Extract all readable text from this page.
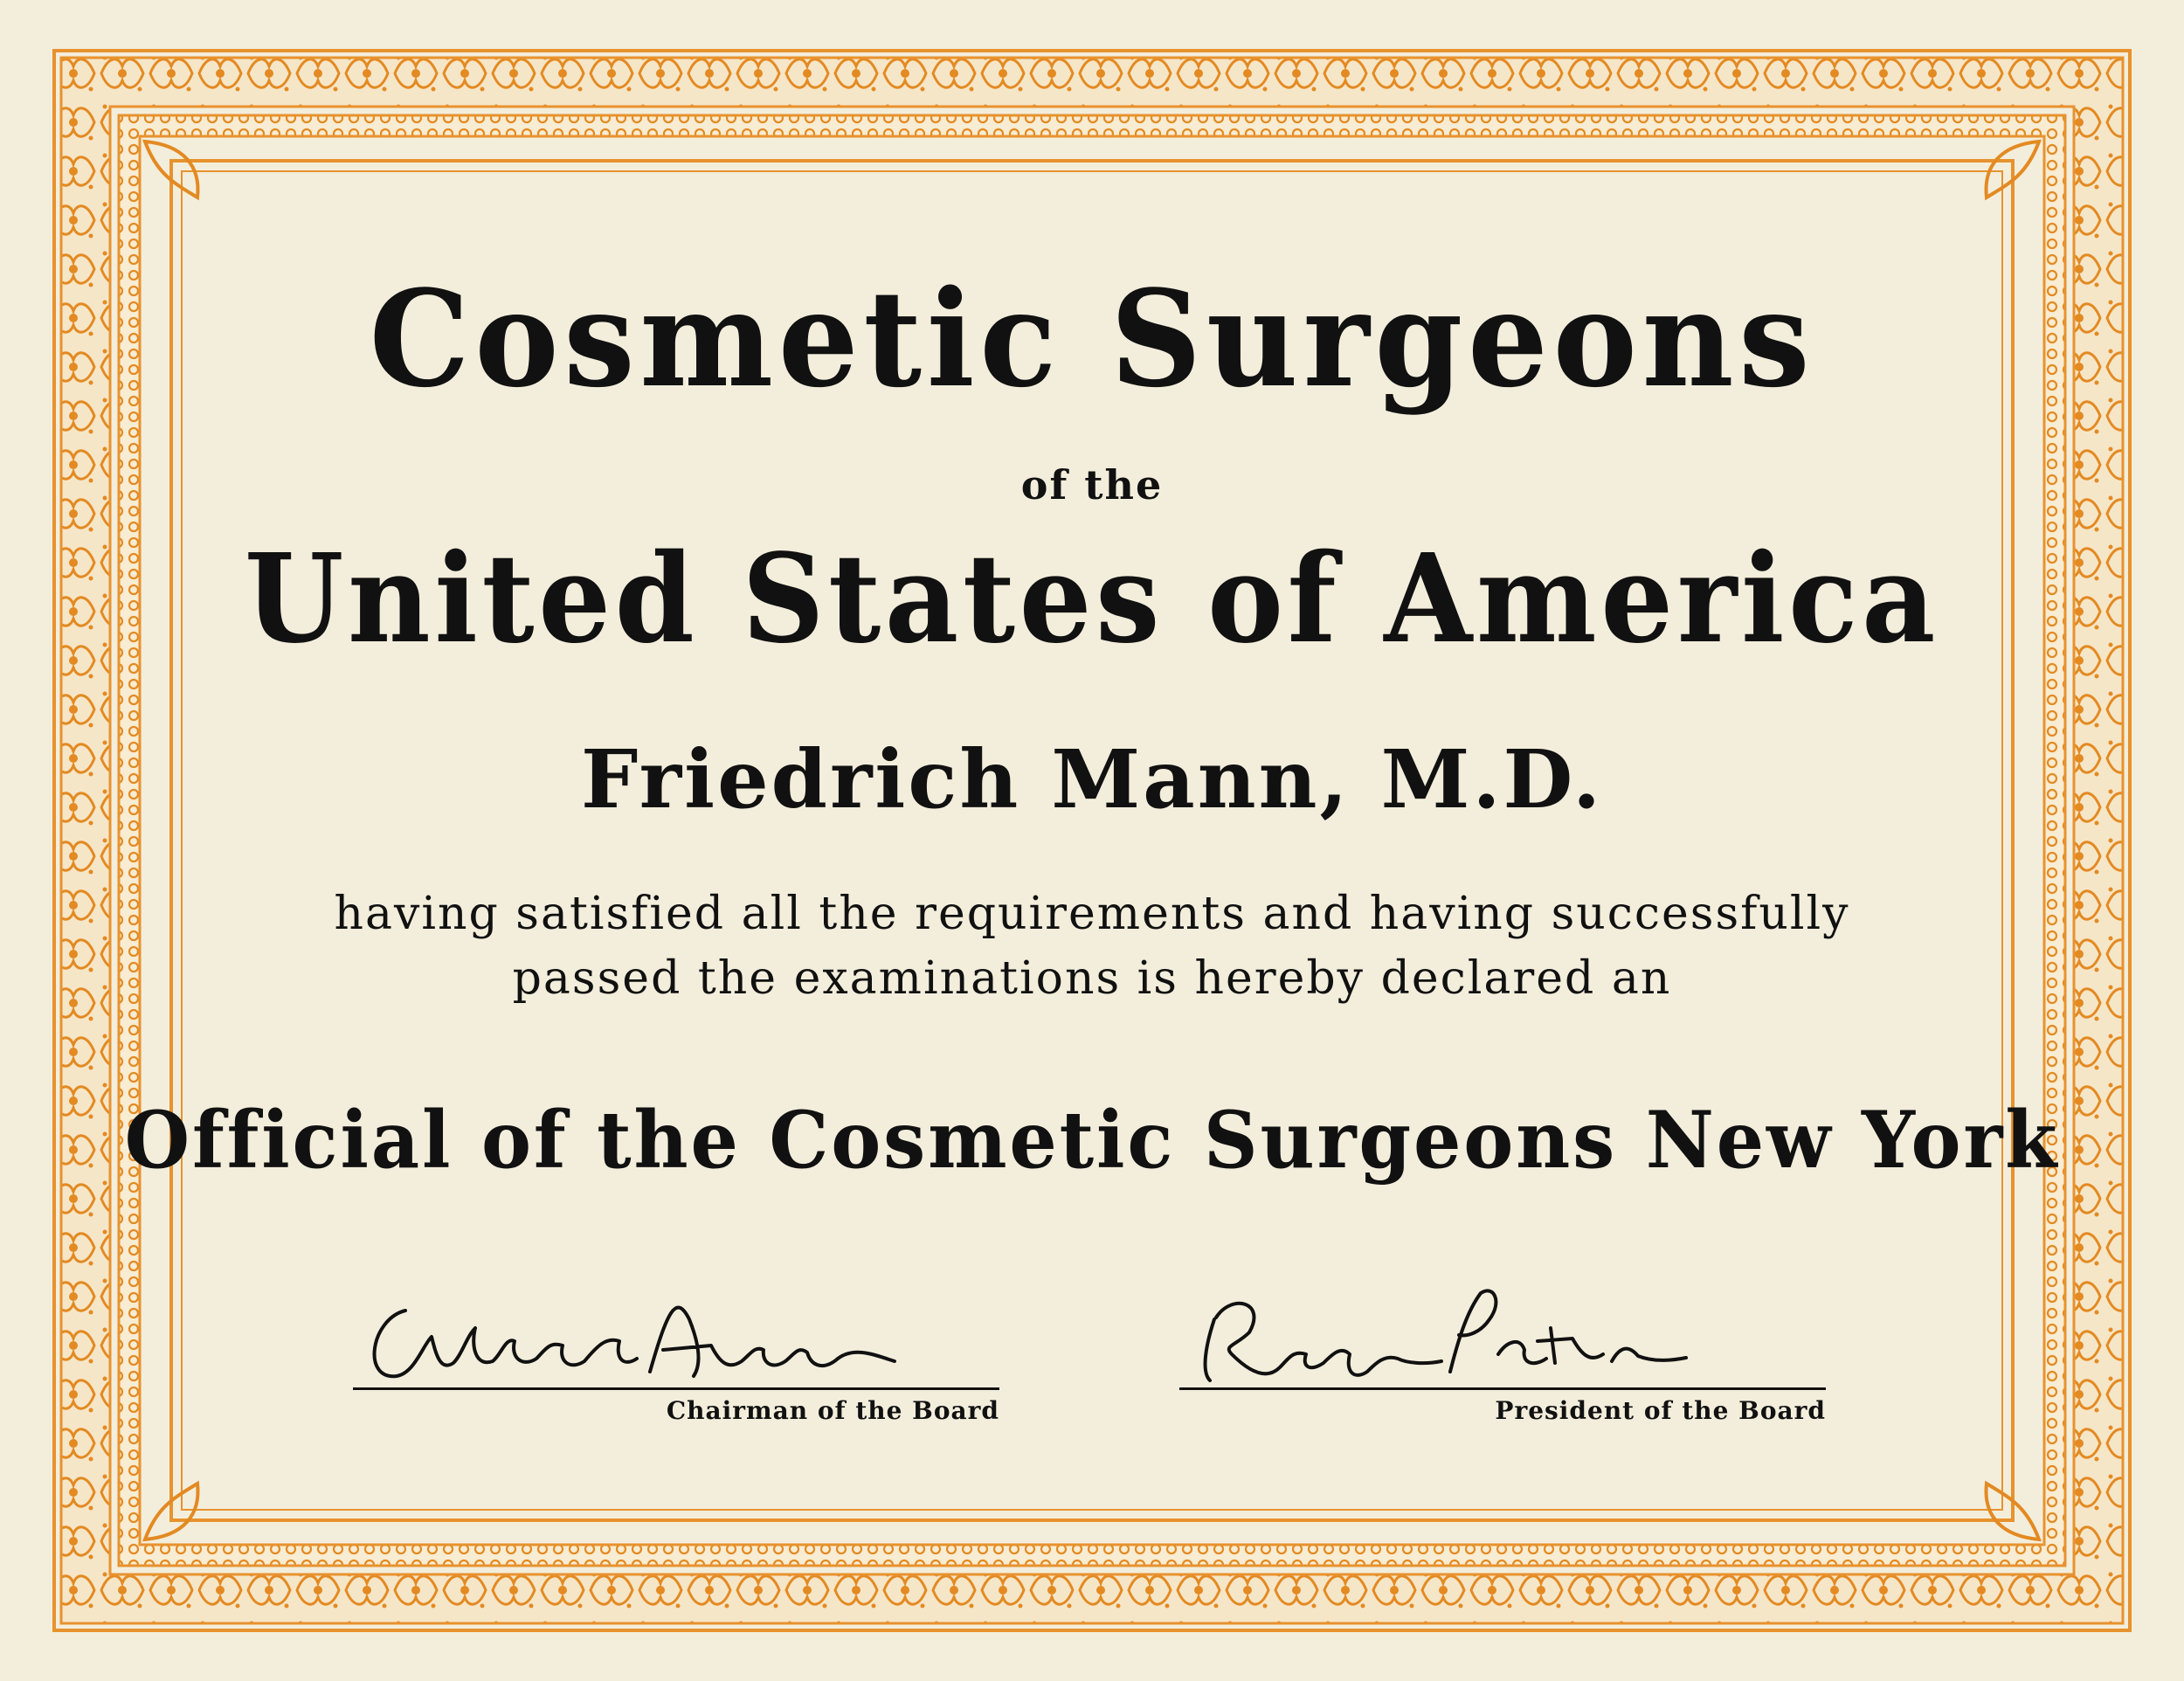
Cosmetic Surgeons
of the
United States of America
Friedrich Mann, M.D.
having satisfied all the requirements and having successfully
passed the examinations is hereby declared an
Official of the Cosmetic Surgeons New York
Chairman of the Board	President of the Board
